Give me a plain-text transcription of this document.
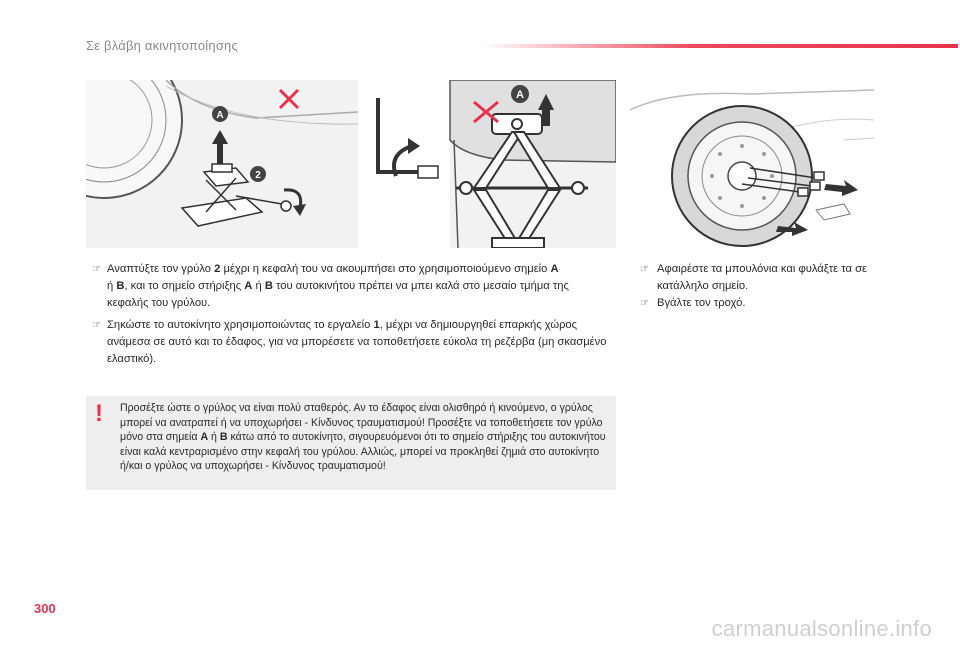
Σε βλάβη ακινητοποίησης
A
2
A
☞ Αναπτύξτε τον γρύλο 2 μέχρι η κεφαλή του να ακουμπήσει στο χρησιμοποιούμενο σημείο A
ή B, και το σημείο στήριξης A ή B του αυτοκινήτου πρέπει να μπει καλά στο μεσαίο τμήμα της κεφαλής του γρύλου.
☞ Σηκώστε το αυτοκίνητο χρησιμοποιώντας το εργαλείο 1, μέχρι να δημιουργηθεί επαρκής χώρος ανάμεσα σε αυτό και το έδαφος, για να μπορέσετε να τοποθετήσετε εύκολα τη ρεζέρβα (μη σκασμένο ελαστικό).
! Προσέξτε ώστε ο γρύλος να είναι πολύ σταθερός. Αν το έδαφος είναι ολισθηρό ή κινούμενο, ο γρύλος μπορεί να ανατραπεί ή να υποχωρήσει - Κίνδυνος τραυματισμού! Προσέξτε να τοποθετήσετε τον γρύλο μόνο στα σημεία A ή B κάτω από το αυτοκίνητο, σιγουρευόμενοι ότι το σημείο στήριξης του αυτοκινήτου είναι καλά κεντραρισμένο στην κεφαλή του γρύλου. Αλλιώς, μπορεί να προκληθεί ζημιά στο αυτοκίνητο ή/και ο γρύλος να υποχωρήσει - Κίνδυνος τραυματισμού!
☞ Αφαιρέστε τα μπουλόνια και φυλάξτε τα σε κατάλληλο σημείο.
☞ Βγάλτε τον τροχό.
300
carmanualsonline.info
